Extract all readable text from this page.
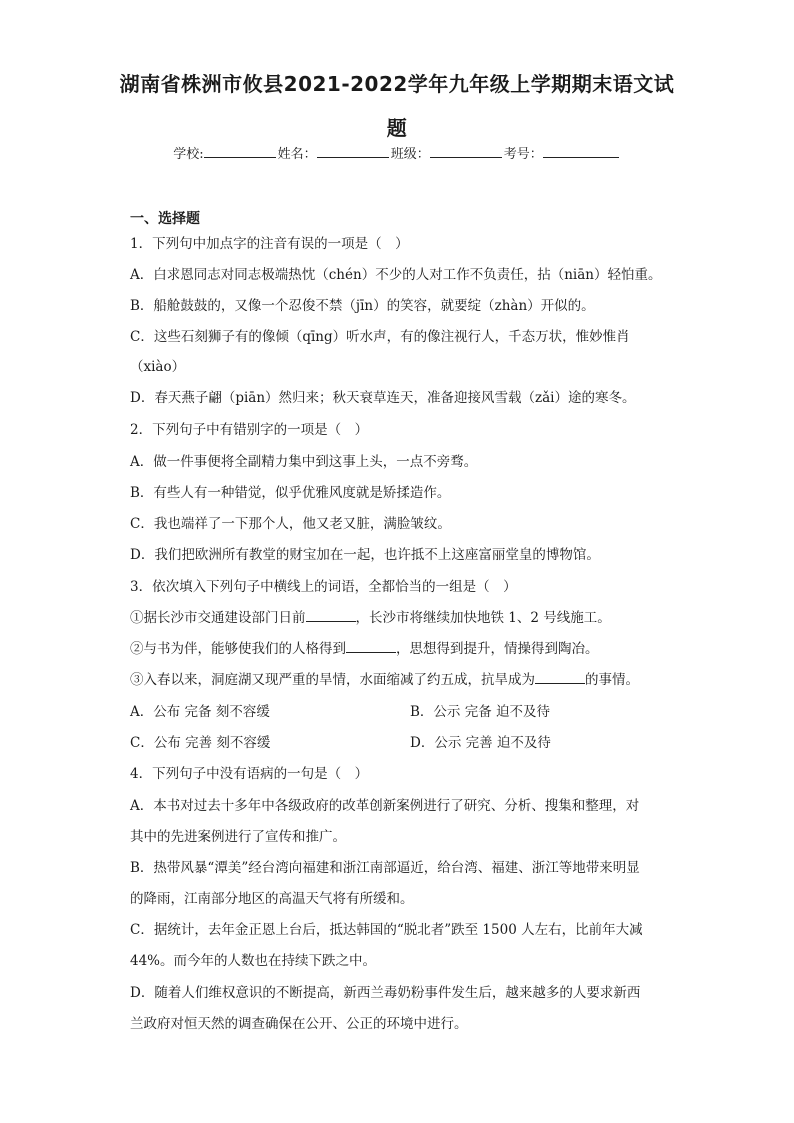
湖南省株洲市攸县2021-2022学年九年级上学期期末语文试
题
学校:	姓名：	班级：	考号：
一、选择题
1．下列句中加点字的注音有误的一项是（　）
A．白求恩同志对同志极端热忱（chén）不少的人对工作不负责任，拈（niān）轻怕重。
B．船舱鼓鼓的，又像一个忍俊不禁（jīn）的笑容，就要绽（zhàn）开似的。
C．这些石刻狮子有的像倾（qīng）听水声，有的像注视行人，千态万状，惟妙惟肖
（xiào）
D．春天燕子翩（piān）然归来；秋天衰草连天，准备迎接风雪载（zǎi）途的寒冬。
2．下列句子中有错别字的一项是（　）
A．做一件事便将全副精力集中到这事上头，一点不旁骛。
B．有些人有一种错觉，似乎优雅风度就是矫揉造作。
C．我也端祥了一下那个人，他又老又脏，满脸皱纹。
D．我们把欧洲所有教堂的财宝加在一起，也许抵不上这座富丽堂皇的博物馆。
3．依次填入下列句子中横线上的词语，全都恰当的一组是（　）
①据长沙市交通建设部门日前	，长沙市将继续加快地铁 1、2 号线施工。
②与书为伴，能够使我们的人格得到	，思想得到提升，情操得到陶冶。
③入春以来，洞庭湖又现严重的旱情，水面缩减了约五成，抗旱成为	的事情。
A．公布 完备 刻不容缓	B．公示 完备 迫不及待
C．公布 完善 刻不容缓	D．公示 完善 迫不及待
4．下列句子中没有语病的一句是（　）
A．本书对过去十多年中各级政府的改革创新案例进行了研究、分析、搜集和整理，对
其中的先进案例进行了宣传和推广。
B．热带风暴“潭美”经台湾向福建和浙江南部逼近，给台湾、福建、浙江等地带来明显
的降雨，江南部分地区的高温天气将有所缓和。
C．据统计，去年金正恩上台后，抵达韩国的“脱北者”跌至 1500 人左右，比前年大减
44%。而今年的人数也在持续下跌之中。
D．随着人们维权意识的不断提高，新西兰毒奶粉事件发生后，越来越多的人要求新西
兰政府对恒天然的调查确保在公开、公正的环境中进行。
